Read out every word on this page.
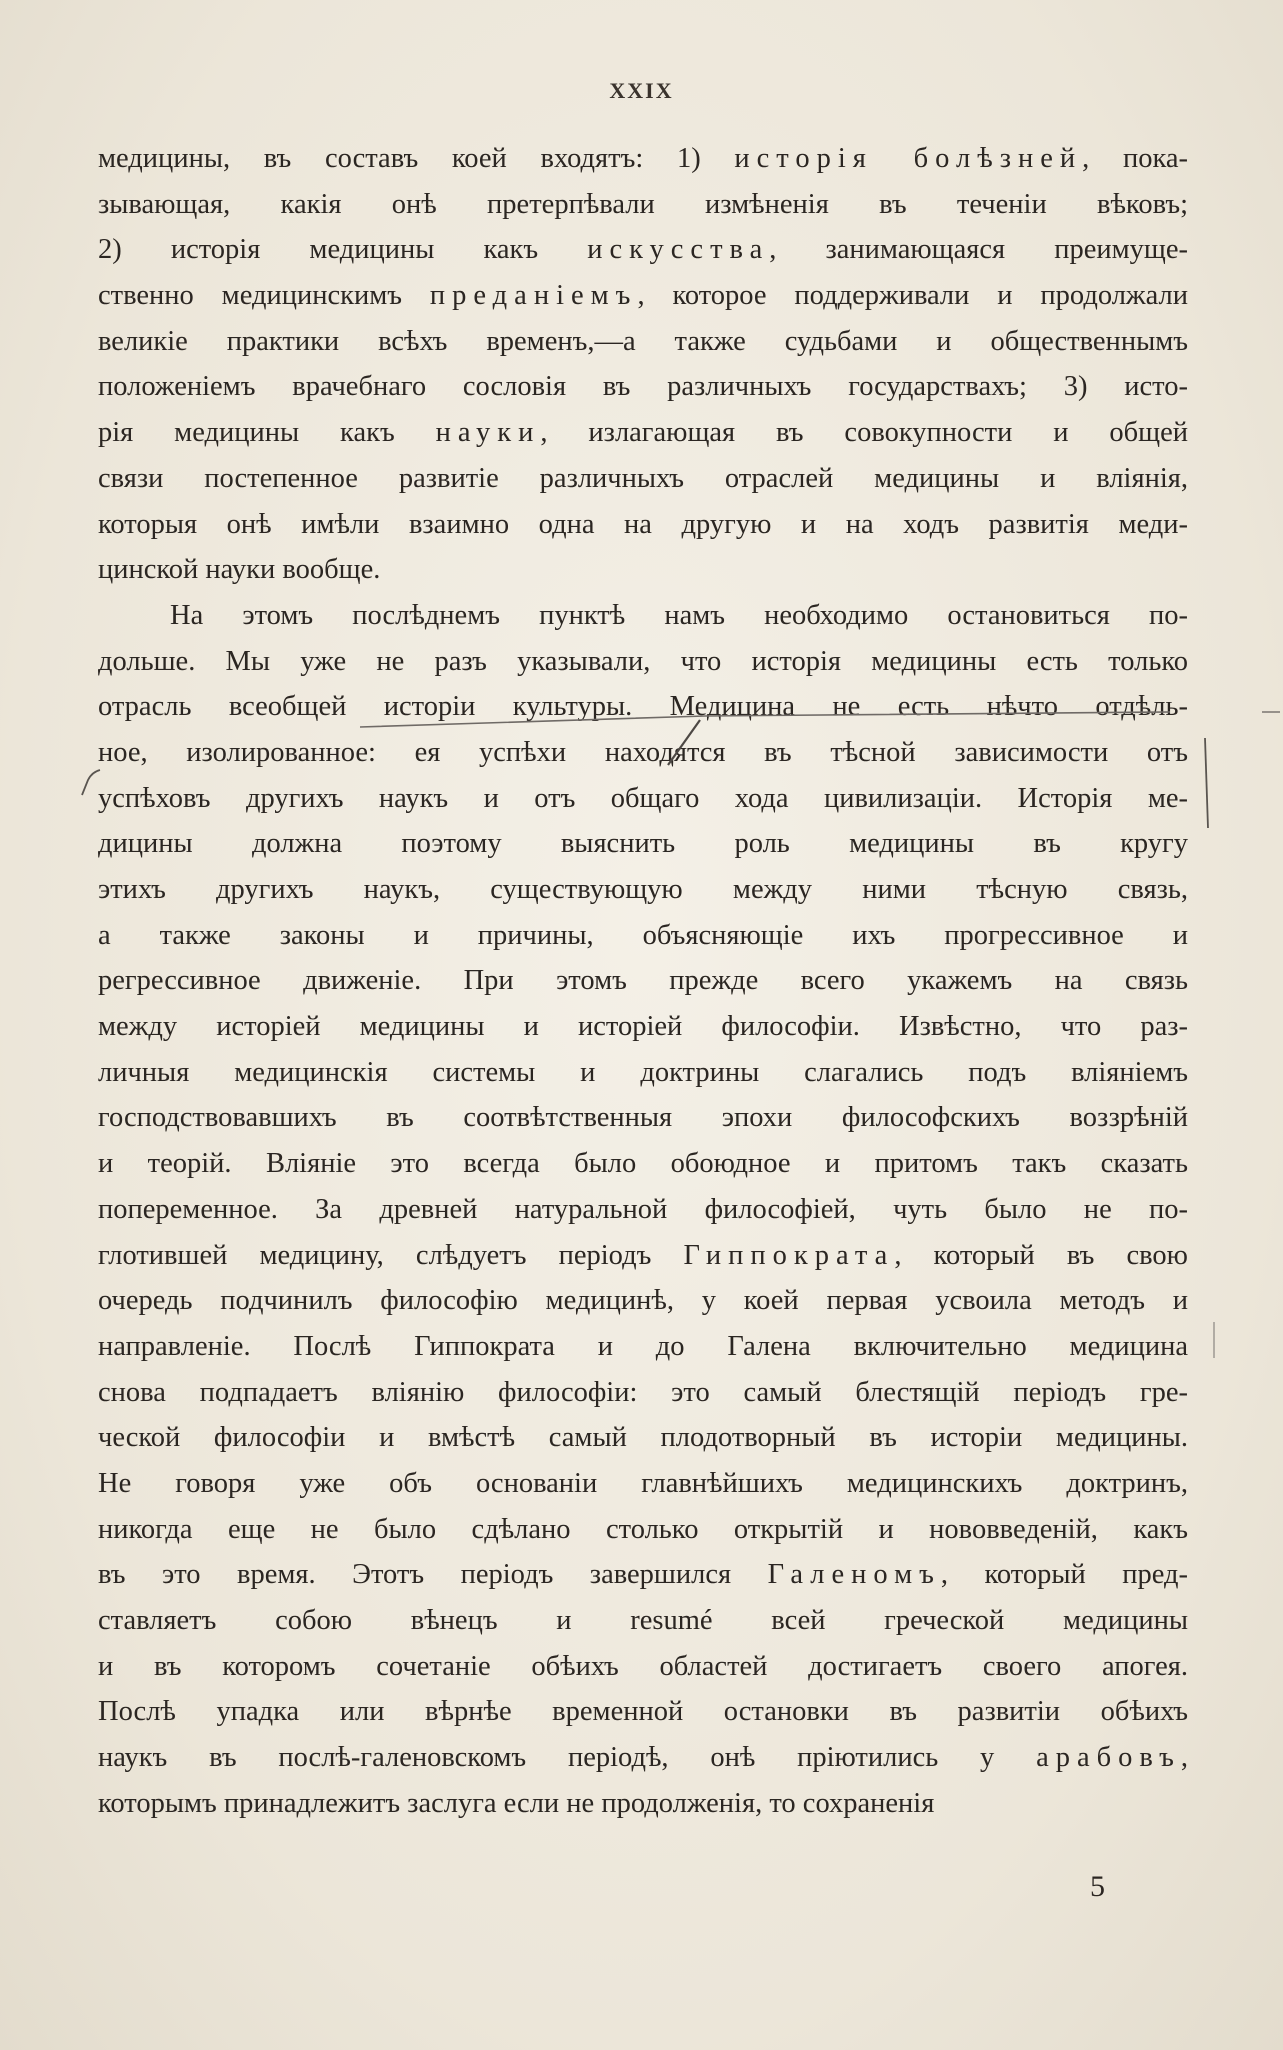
XXIX
медицины, въ составъ коей входятъ: 1) исторія болѣзней, пока-
зывающая, какія онѣ претерпѣвали измѣненія въ теченіи вѣковъ;
2) исторія медицины какъ искусства, занимающаяся преимуще-
ственно медицинскимъ преданіемъ, которое поддерживали и продолжали
великіе практики всѣхъ временъ,—а также судьбами и общественнымъ
положеніемъ врачебнаго сословія въ различныхъ государствахъ; 3) исто-
рія медицины какъ науки, излагающая въ совокупности и общей
связи постепенное развитіе различныхъ отраслей медицины и вліянія,
которыя онѣ имѣли взаимно одна на другую и на ходъ развитія меди-
цинской науки вообще.
На этомъ послѣднемъ пунктѣ намъ необходимо остановиться по-
дольше. Мы уже не разъ указывали, что исторія медицины есть только
отрасль всеобщей исторіи культуры. Медицина не есть нѣчто отдѣль-
ное, изолированное: ея успѣхи находятся въ тѣсной зависимости отъ
успѣховъ другихъ наукъ и отъ общаго хода цивилизаціи. Исторія ме-
дицины должна поэтому выяснить роль медицины въ кругу
этихъ другихъ наукъ, существующую между ними тѣсную связь,
а также законы и причины, объясняющіе ихъ прогрессивное и
регрессивное движеніе. При этомъ прежде всего укажемъ на связь
между исторіей медицины и исторіей философіи. Извѣстно, что раз-
личныя медицинскія системы и доктрины слагались подъ вліяніемъ
господствовавшихъ въ соотвѣтственныя эпохи философскихъ воззрѣній
и теорій. Вліяніе это всегда было обоюдное и притомъ такъ сказать
попеременное. За древней натуральной философіей, чуть было не по-
глотившей медицину, слѣдуетъ періодъ Гиппократа, который въ свою
очередь подчинилъ философію медицинѣ, у коей первая усвоила методъ и
направленіе. Послѣ Гиппократа и до Галена включительно медицина
снова подпадаетъ вліянію философіи: это самый блестящій періодъ гре-
ческой философіи и вмѣстѣ самый плодотворный въ исторіи медицины.
Не говоря уже объ основаніи главнѣйшихъ медицинскихъ доктринъ,
никогда еще не было сдѣлано столько открытій и нововведеній, какъ
въ это время. Этотъ періодъ завершился Галеномъ, который пред-
ставляетъ собою вѣнецъ и resumé всей греческой медицины
и въ которомъ сочетаніе обѣихъ областей достигаетъ своего апогея.
Послѣ упадка или вѣрнѣе временной остановки въ развитіи обѣихъ
наукъ въ послѣ-галеновскомъ періодѣ, онѣ пріютились у арабовъ,
которымъ принадлежитъ заслуга если не продолженія, то сохраненія
5
